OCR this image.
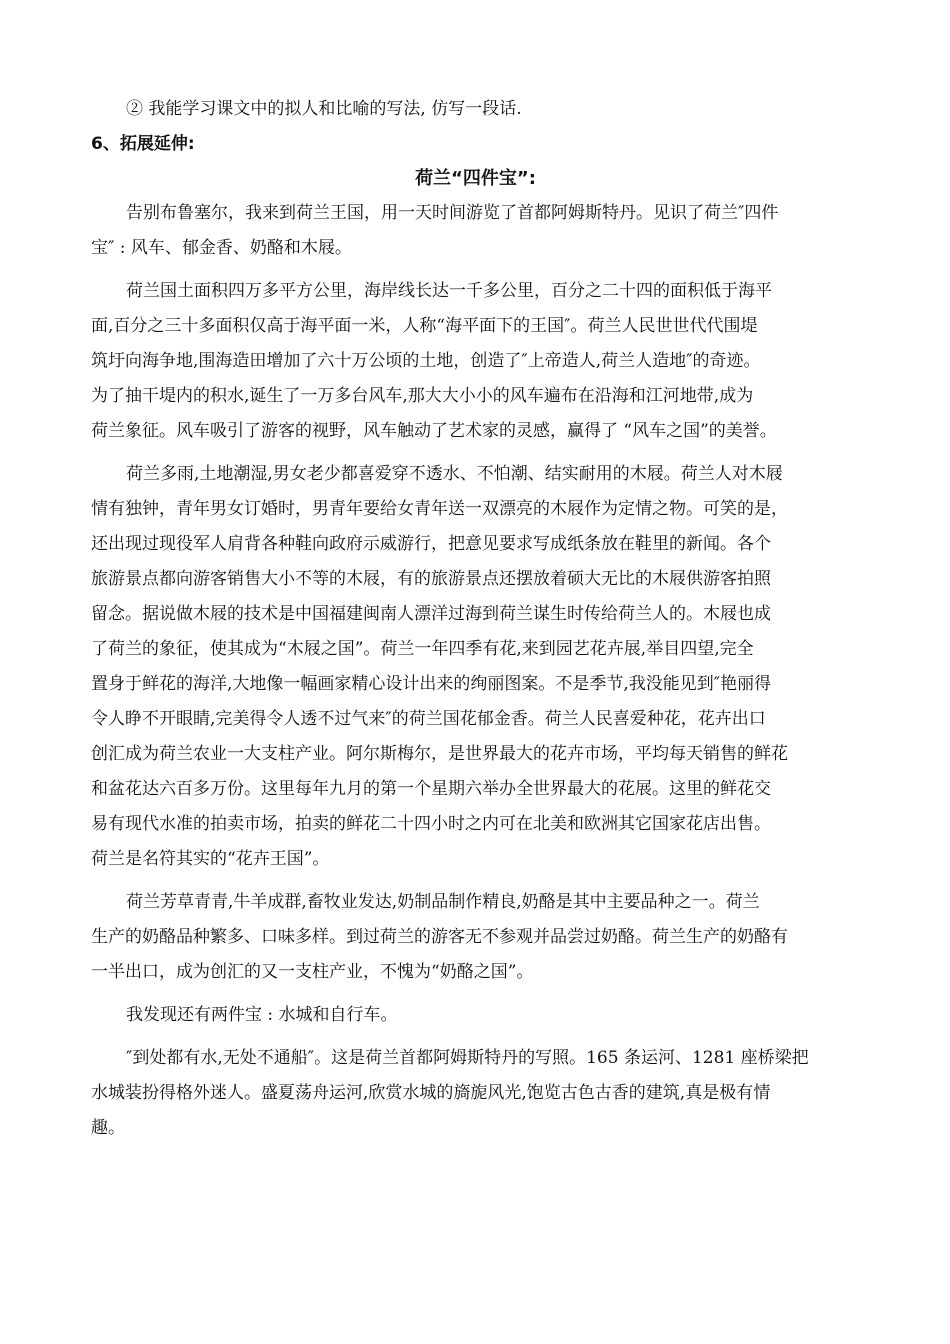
② 我能学习课文中的拟人和比喻的写法, 仿写一段话.

6、拓展延伸:

荷兰“四件宝”:

告别布鲁塞尔，我来到荷兰王国，用一天时间游览了首都阿姆斯特丹。见识了荷兰″四件

宝″ : 风车、郁金香、奶酪和木屐。

荷兰国土面积四万多平方公里，海岸线长达一千多公里，百分之二十四的面积低于海平

面,百分之三十多面积仅高于海平面一米，人称“海平面下的王国″。荷兰人民世世代代围堤

筑圩向海争地,围海造田增加了六十万公顷的土地，创造了″上帝造人,荷兰人造地″的奇迹。

为了抽干堤内的积水,诞生了一万多台风车,那大大小小的风车遍布在沿海和江河地带,成为

荷兰象征。风车吸引了游客的视野，风车触动了艺术家的灵感，赢得了 “风车之国”的美誉。

荷兰多雨,土地潮湿,男女老少都喜爱穿不透水、不怕潮、结实耐用的木屐。荷兰人对木屐

情有独钟，青年男女订婚时，男青年要给女青年送一双漂亮的木屐作为定情之物。可笑的是，

还出现过现役军人肩背各种鞋向政府示威游行，把意见要求写成纸条放在鞋里的新闻。各个

旅游景点都向游客销售大小不等的木屐，有的旅游景点还摆放着硕大无比的木屐供游客拍照

留念。据说做木屐的技术是中国福建闽南人漂洋过海到荷兰谋生时传给荷兰人的。木屐也成

了荷兰的象征，使其成为“木屐之国”。荷兰一年四季有花,来到园艺花卉展,举目四望,完全

置身于鲜花的海洋,大地像一幅画家精心设计出来的绚丽图案。不是季节,我没能见到″艳丽得

令人睁不开眼睛,完美得令人透不过气来″的荷兰国花郁金香。荷兰人民喜爱种花，花卉出口

创汇成为荷兰农业一大支柱产业。阿尔斯梅尔，是世界最大的花卉市场，平均每天销售的鲜花

和盆花达六百多万份。这里每年九月的第一个星期六举办全世界最大的花展。这里的鲜花交

易有现代水准的拍卖市场，拍卖的鲜花二十四小时之内可在北美和欧洲其它国家花店出售。

荷兰是名符其实的“花卉王国”。

荷兰芳草青青,牛羊成群,畜牧业发达,奶制品制作精良,奶酪是其中主要品种之一。荷兰

生产的奶酪品种繁多、口味多样。到过荷兰的游客无不参观并品尝过奶酪。荷兰生产的奶酪有

一半出口，成为创汇的又一支柱产业，不愧为“奶酪之国”。

我发现还有两件宝 : 水城和自行车。

″到处都有水,无处不通船″。这是荷兰首都阿姆斯特丹的写照。165 条运河、1281 座桥梁把

水城装扮得格外迷人。盛夏荡舟运河,欣赏水城的旖旎风光,饱览古色古香的建筑,真是极有情

趣。
